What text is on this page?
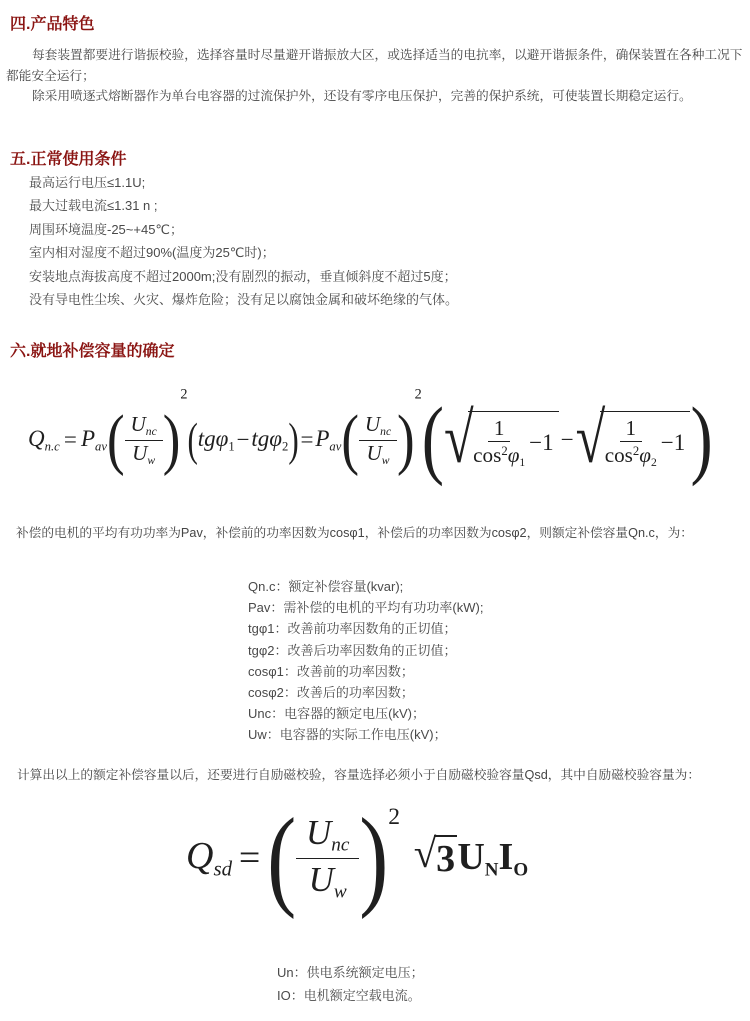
四.产品特色
每套装置都要进行谐振校验，选择容量时尽量避开谐振放大区，或选择适当的电抗率，以避开谐振条件，确保装置在各种工况下
都能安全运行；
除采用喷逐式熔断器作为单台电容器的过流保护外，还设有零序电压保护，完善的保护系统，可使装置长期稳定运行。
五.正常使用条件
最高运行电压≤1.1U;
最大过载电流≤1.31 n ;
周围环境温度-25~+45℃；
室内相对湿度不超过90%(温度为25℃时)；
安装地点海拔高度不超过2000m;没有剧烈的振动，垂直倾斜度不超过5度；
没有导电性尘埃、火灾、爆炸危险；没有足以腐蚀金属和破坏绝缘的气体。
六.就地补偿容量的确定
$Q_{n.c} = P_{av}$ ( $\frac{U_{nc}}{U_w}$ )
2
( tgφ$_1$ − tgφ$_2$ ) = $P_{av}$ ( $\frac{U_{nc}}{U_w}$ )
2 ( √
$\frac{1}{\cos^2\varphi_1} -1$ − √
$\frac{1}{\cos^2\varphi_2} -1$ )
补偿的电机的平均有功功率为Pav，补偿前的功率因数为cosφ1，补偿后的功率因数为cosφ2，则额定补偿容量Qn.c，为：
Qn.c：额定补偿容量(kvar);
Pav：需补偿的电机的平均有功功率(kW);
tgφ1：改善前功率因数角的正切值；
tgφ2：改善后功率因数角的正切值；
cosφ1：改善前的功率因数；
cosφ2：改善后的功率因数；
Unc：电容器的额定电压(kV)；
Uw：电容器的实际工作电压(kV)；
计算出以上的额定补偿容量以后，还要进行自励磁校验，容量选择必须小于自励磁校验容量Qsd，其中自励磁校验容量为：
$Q_{sd}$ = ( $\frac{U_{nc}}{U_w}$ ) 2
√ 3 $U_N$ $I_O$
Un：供电系统额定电压；
IO：电机额定空载电流。
